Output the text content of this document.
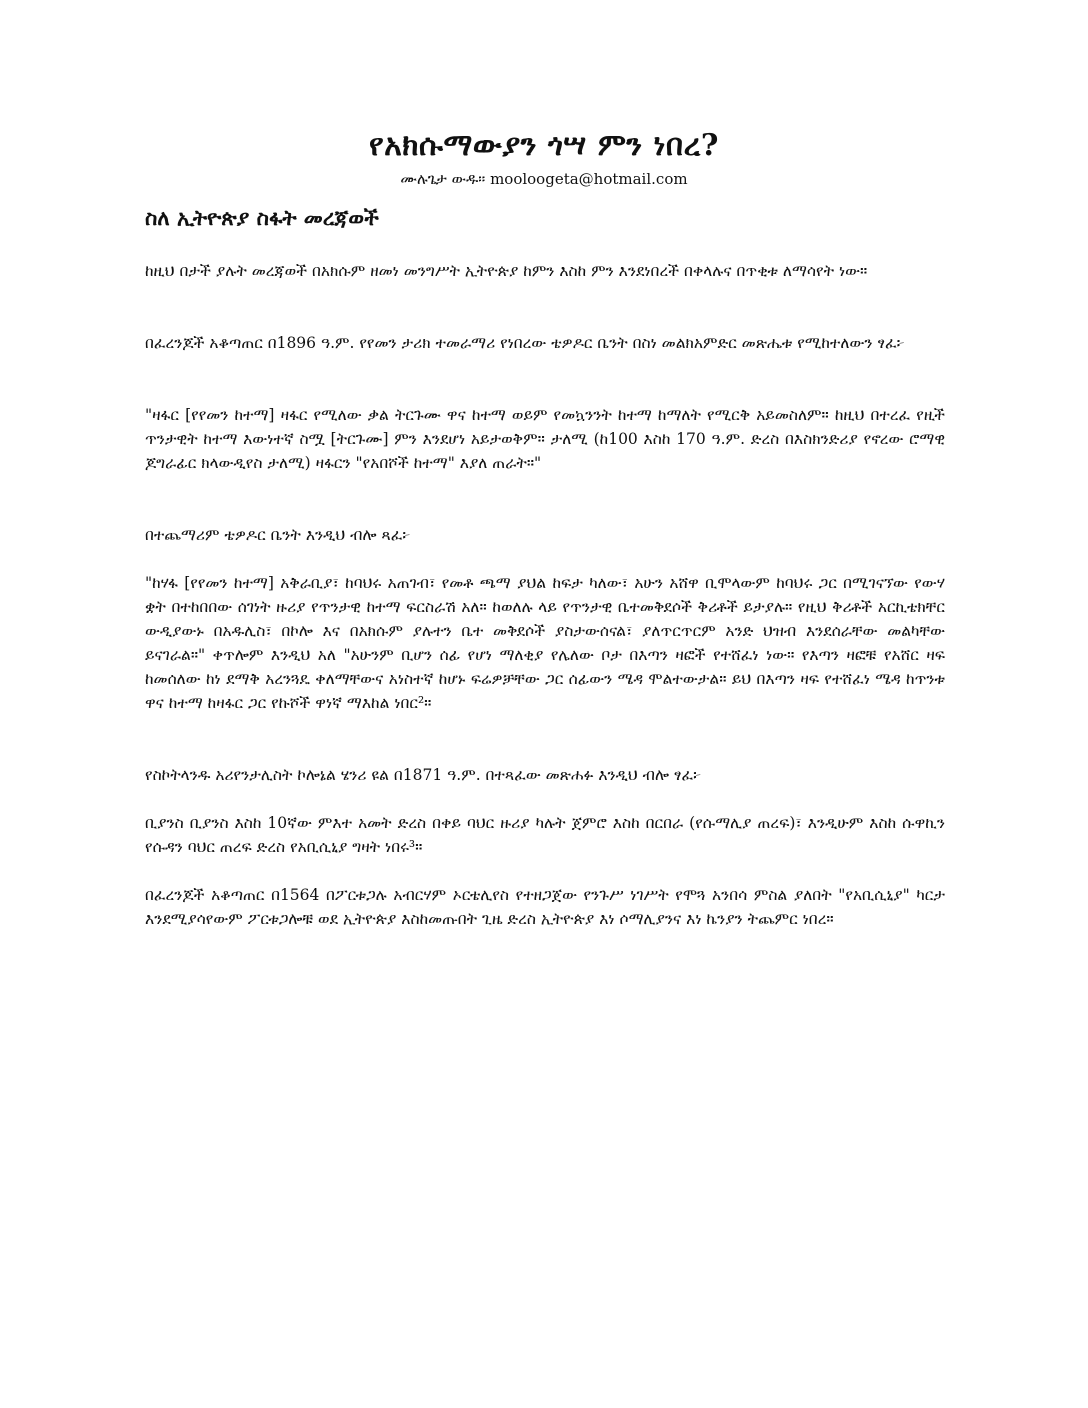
የአክሱማውያን ጎሣ ምን ነበረ?
ሙሉጌታ ውዱ። mooloogeta@hotmail.com
ስለ ኢትዮጵያ ስፋት መረጃወች
ከዚህ በታች ያሉት መረጃወች በአክሱም ዘመነ መንግሥት ኢትዮጵያ ከምን እስከ ምን እንደነበረች በቀላሉና በጥቂቱ ለማሳየት ነው።
በፈረንጆች አቆጣጠር በ1896 ዓ.ም. የየመን ታሪክ ተመራማሪ የነበረው ቴዎዶር ቤንት በስነ መልክአምድር መጽሔቱ የሚከተለውን ፃፈ፦
"ዛፋር [የየመን ከተማ] ዛፋር የሚለው ቃል ትርጉሙ ዋና ከተማ ወይም የመኳንንት ከተማ ከማለት የሚርቅ አይመስለም። ከዚህ በተረፈ የዚች ጥንታዊት ከተማ እውነተኛ ስሟ [ትርጉሙ] ምን እንደሆነ አይታወቅም። ታለሚ (ከ100 እስከ 170 ዓ.ም. ድረስ በእስክንድሪያ የኖረው ሮማዊ ጆግራፊር ክላውዲየስ ታለሚ) ዛፋርን "የአበሾች ከተማ" እያለ ጠራት።"
በተጨማሪም ቴዎዶር ቤንት እንዲህ ብሎ ጻፈ፦
"ከሃፋ [የየመን ከተማ] አቅራቢያ፣ ከባህሩ አጠገብ፣ የመቶ ጫማ ያህል ከፍታ ካለው፣ አሁን አሸዋ ቢሞላውም ከባህሩ ጋር በሚገናኘው የውሃ ቋት በተከበበው ሰገነት ዙሪያ የጥንታዊ ከተማ ፍርስራሽ አለ። ከወለሉ ላይ የጥንታዊ ቤተመቅደሶች ቅሪቶች ይታያሉ። የዚህ ቅሪቶች አርኪቴክቸር ውዲያውኑ በአዱሊስ፣ በኮሎ እና በአክሱም ያሉተን ቤተ መቅደሶች ያስታውሰናል፣ ያለጥርጥርም አንድ ህዝብ እንደሰራቸው መልካቸው ይናገራል።" ቀጥሎም እንዲህ አለ "አሁንም ቢሆን ሰፊ የሆነ ማለቂያ የሌለው ቦታ በእጣን ዛፎች የተሸፈነ ነው። የእጣን ዛፎቹ የአሸር ዛፍ ከመሰለው ከነ ደማቅ አረንጓዴ ቀለማቸውና አነስተኛ ከሆኑ ፍሬዎቻቸው ጋር ሰፊውን ሜዳ ሞልተውታል። ይህ በእጣን ዛፍ የተሸፈነ ሜዳ ከጥንቱ ዋና ከተማ ከዛፋር ጋር የኩሾች ዋነኛ ማእከል ነበር²።
የስኮትላንዱ አሪየንታሊስት ኮሎኔል ሄንሪ ዩል በ1871 ዓ.ም. በተጻፈው መጽሐፉ እንዲህ ብሎ ፃፈ፦
ቢያንስ ቢያንስ እስከ 10ኛው ምእተ አመት ድረስ በቀይ ባህር ዙሪያ ካሉት ጀምሮ እስከ በርበራ (የሱማሊያ ጠረፍ)፣ እንዲሁም እስከ ሱዋኪን የሱዳን ባህር ጠረፍ ድረስ የአቢሲኒያ ግዛት ነበሩ³።
በፈረንጆች አቆጣጠር በ1564 በፖርቱጋሉ አብርሃም ኦርቴሊየስ የተዘጋጀው የንጉሥ ነገሥት የሞጓ አንበሳ ምስል ያለበት "የአቢሲኒያ" ካርታ እንደሚያሳየውም ፖርቱጋሎቹ ወደ ኢትዮጵያ እስከመጡበት ጊዜ ድረስ ኢትዮጵያ እነ ሶማሊያንና እነ ኬንያን ትጨምር ነበረ።
